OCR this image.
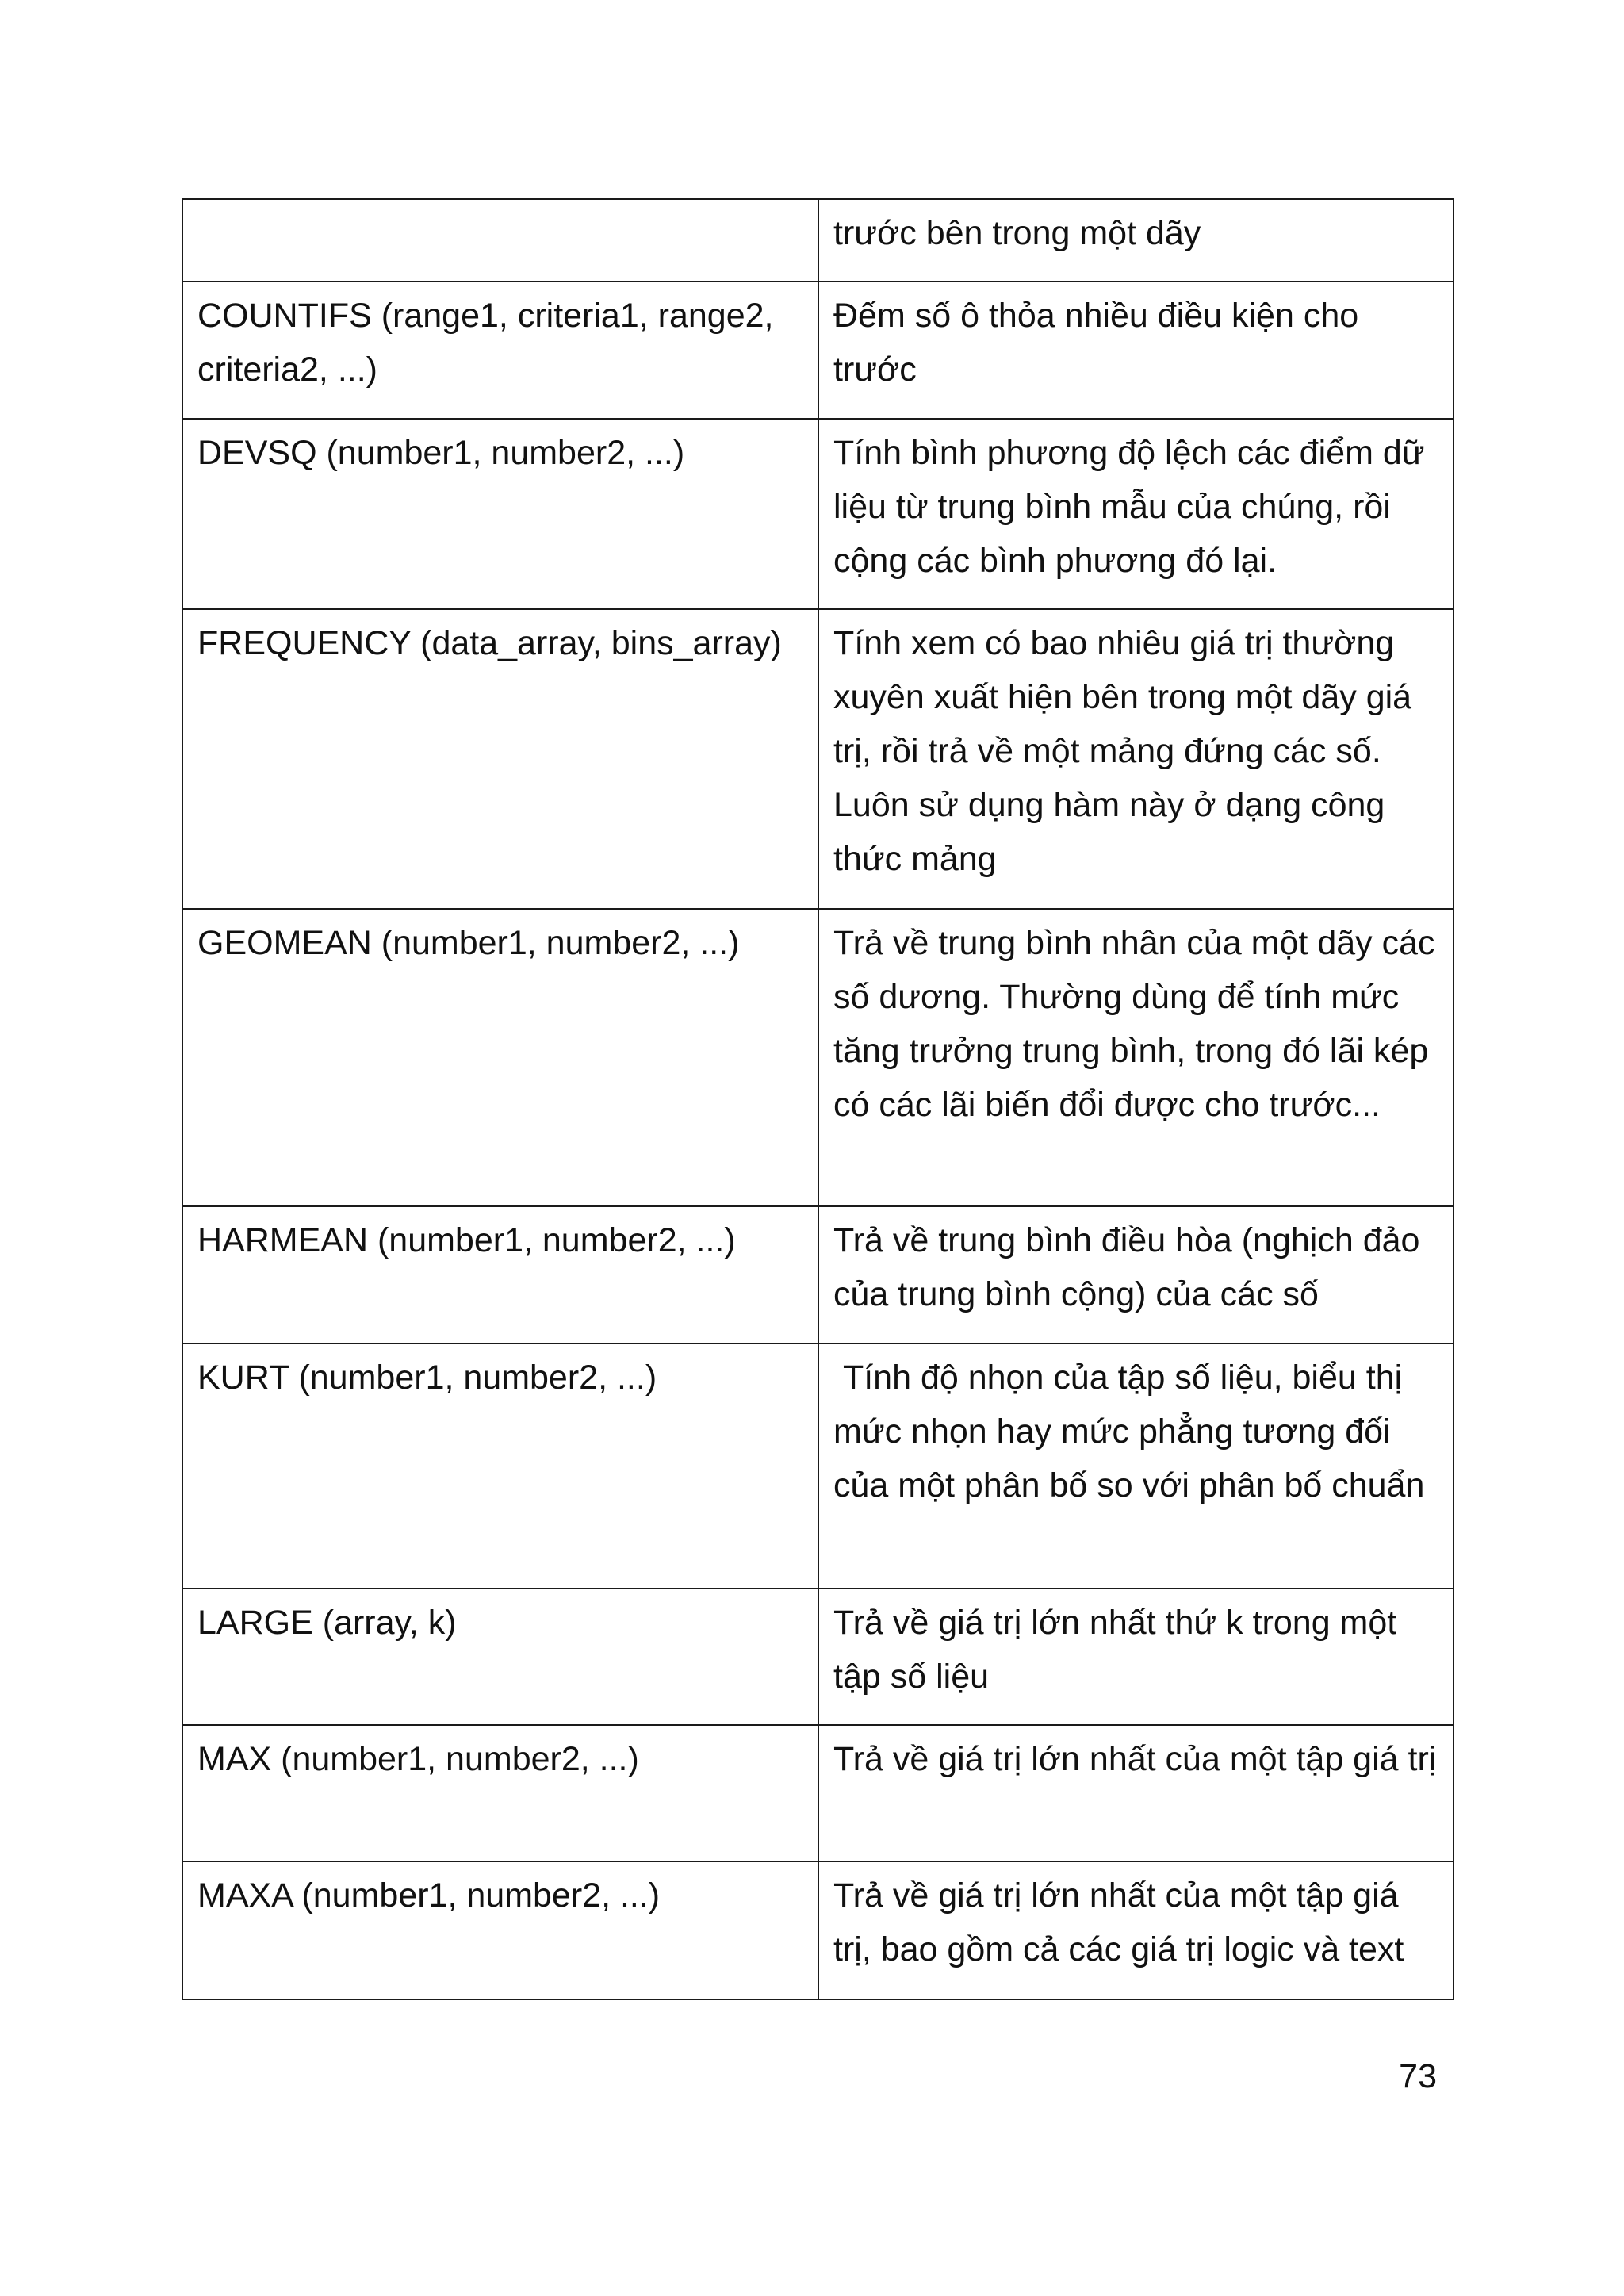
	trước bên trong một dãy
COUNTIFS (range1, criteria1, range2, criteria2, ...)	Đếm số ô thỏa nhiều điều kiện cho trước
DEVSQ (number1, number2, ...)	Tính bình phương độ lệch các điểm dữ liệu từ trung bình mẫu của chúng, rồi cộng các bình phương đó lại.
FREQUENCY (data_array, bins_array)	Tính xem có bao nhiêu giá trị thường xuyên xuất hiện bên trong một dãy giá trị, rồi trả về một mảng đứng các số. Luôn sử dụng hàm này ở dạng công thức mảng
GEOMEAN (number1, number2, ...)	Trả về trung bình nhân của một dãy các số dương. Thường dùng để tính mức tăng trưởng trung bình, trong đó lãi kép có các lãi biến đổi được cho trước...
HARMEAN (number1, number2, ...)	Trả về trung bình điều hòa (nghịch đảo của trung bình cộng) của các số
KURT (number1, number2, ...)	Tính độ nhọn của tập số liệu, biểu thị mức nhọn hay mức phẳng tương đối của một phân bố so với phân bố chuẩn
LARGE (array, k)	Trả về giá trị lớn nhất thứ k trong một tập số liệu
MAX (number1, number2, ...)	Trả về giá trị lớn nhất của một tập giá trị
MAXA (number1, number2, ...)	Trả về giá trị lớn nhất của một tập giá trị, bao gồm cả các giá trị logic và text
73
